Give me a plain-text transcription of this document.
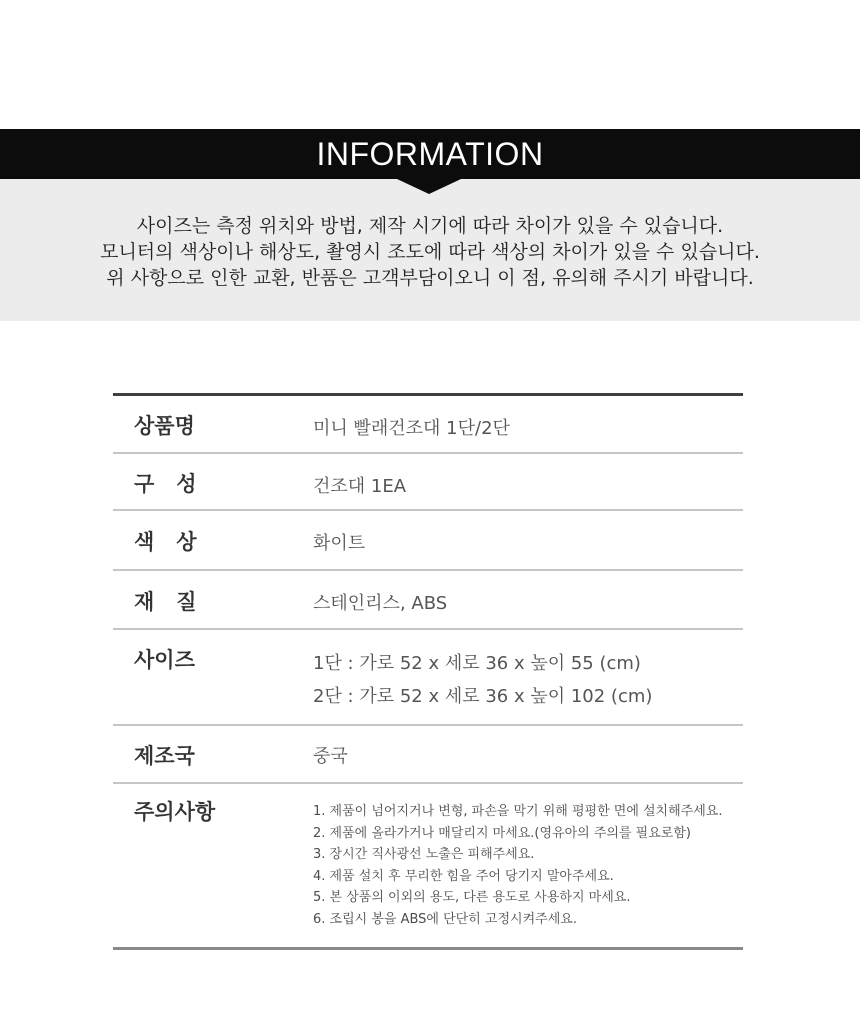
INFORMATION
사이즈는 측정 위치와 방법, 제작 시기에 따라 차이가 있을 수 있습니다.
모니터의 색상이나 해상도, 촬영시 조도에 따라 색상의 차이가 있을 수 있습니다.
위 사항으로 인한 교환, 반품은 고객부담이오니 이 점, 유의해 주시기 바랍니다.
상품명	미니 빨래건조대 1단/2단
구   성	건조대 1EA
색   상	화이트
재   질	스테인리스, ABS
사이즈	1단 : 가로 52 x 세로 36 x 높이 55 (cm)
2단 : 가로 52 x 세로 36 x 높이 102 (cm)
제조국	중국
주의사항	1. 제품이 넘어지거나 변형, 파손을 막기 위해 평평한 면에 설치해주세요.
2. 제품에 올라가거나 매달리지 마세요.(영유아의 주의를 필요로함)
3. 장시간 직사광선 노출은 피해주세요.
4. 제품 설치 후 무리한 힘을 주어 당기지 말아주세요.
5. 본 상품의 이외의 용도, 다른 용도로 사용하지 마세요.
6. 조립시 봉을 ABS에 단단히 고정시켜주세요.
